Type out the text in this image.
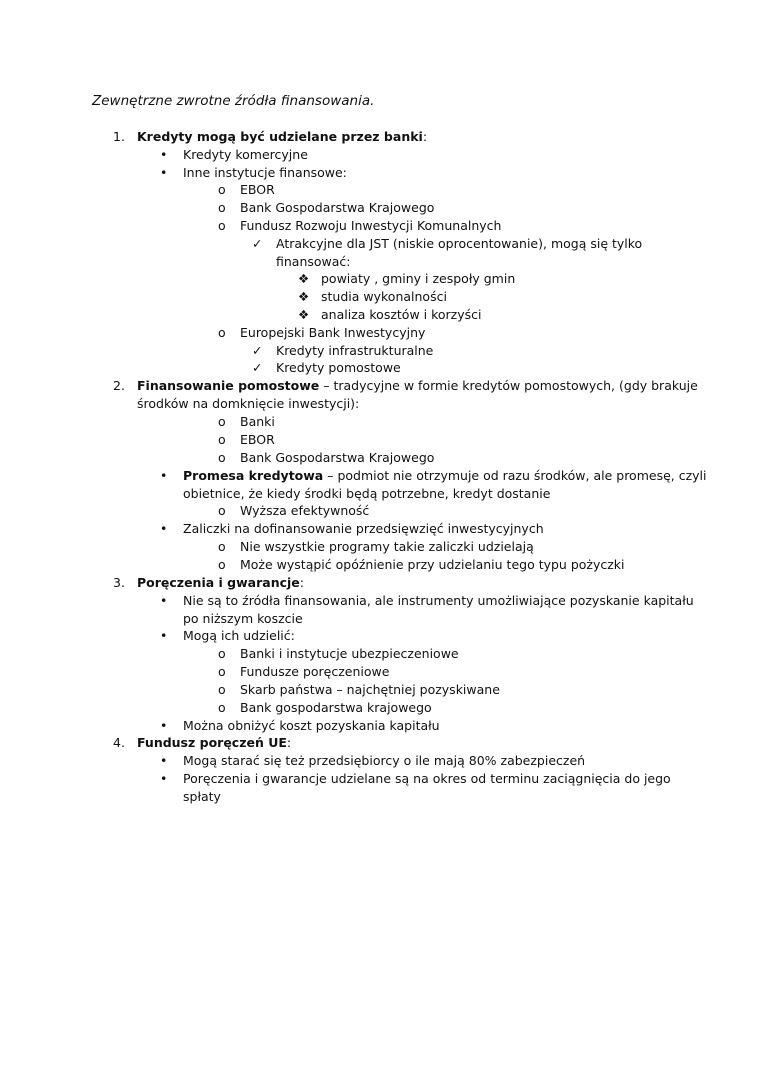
Zewnętrzne zwrotne źródła finansowania.
1. Kredyty mogą być udzielane przez banki:
• Kredyty komercyjne
• Inne instytucje finansowe:
o EBOR
o Bank Gospodarstwa Krajowego
o Fundusz Rozwoju Inwestycji Komunalnych
✓ Atrakcyjne dla JST (niskie oprocentowanie), mogą się tylko
finansować:
❖ powiaty , gminy i zespoły gmin
❖ studia wykonalności
❖ analiza kosztów i korzyści
o Europejski Bank Inwestycyjny
✓ Kredyty infrastrukturalne
✓ Kredyty pomostowe
2. Finansowanie pomostowe – tradycyjne w formie kredytów pomostowych, (gdy brakuje
środków na domknięcie inwestycji):
o Banki
o EBOR
o Bank Gospodarstwa Krajowego
• Promesa kredytowa – podmiot nie otrzymuje od razu środków, ale promesę, czyli
obietnice, że kiedy środki będą potrzebne, kredyt dostanie
o Wyższa efektywność
• Zaliczki na dofinansowanie przedsięwzięć inwestycyjnych
o Nie wszystkie programy takie zaliczki udzielają
o Może wystąpić opóźnienie przy udzielaniu tego typu pożyczki
3. Poręczenia i gwarancje:
• Nie są to źródła finansowania, ale instrumenty umożliwiające pozyskanie kapitału
po niższym koszcie
• Mogą ich udzielić:
o Banki i instytucje ubezpieczeniowe
o Fundusze poręczeniowe
o Skarb państwa – najchętniej pozyskiwane
o Bank gospodarstwa krajowego
• Można obniżyć koszt pozyskania kapitału
4. Fundusz poręczeń UE:
• Mogą starać się też przedsiębiorcy o ile mają 80% zabezpieczeń
• Poręczenia i gwarancje udzielane są na okres od terminu zaciągnięcia do jego
spłaty
